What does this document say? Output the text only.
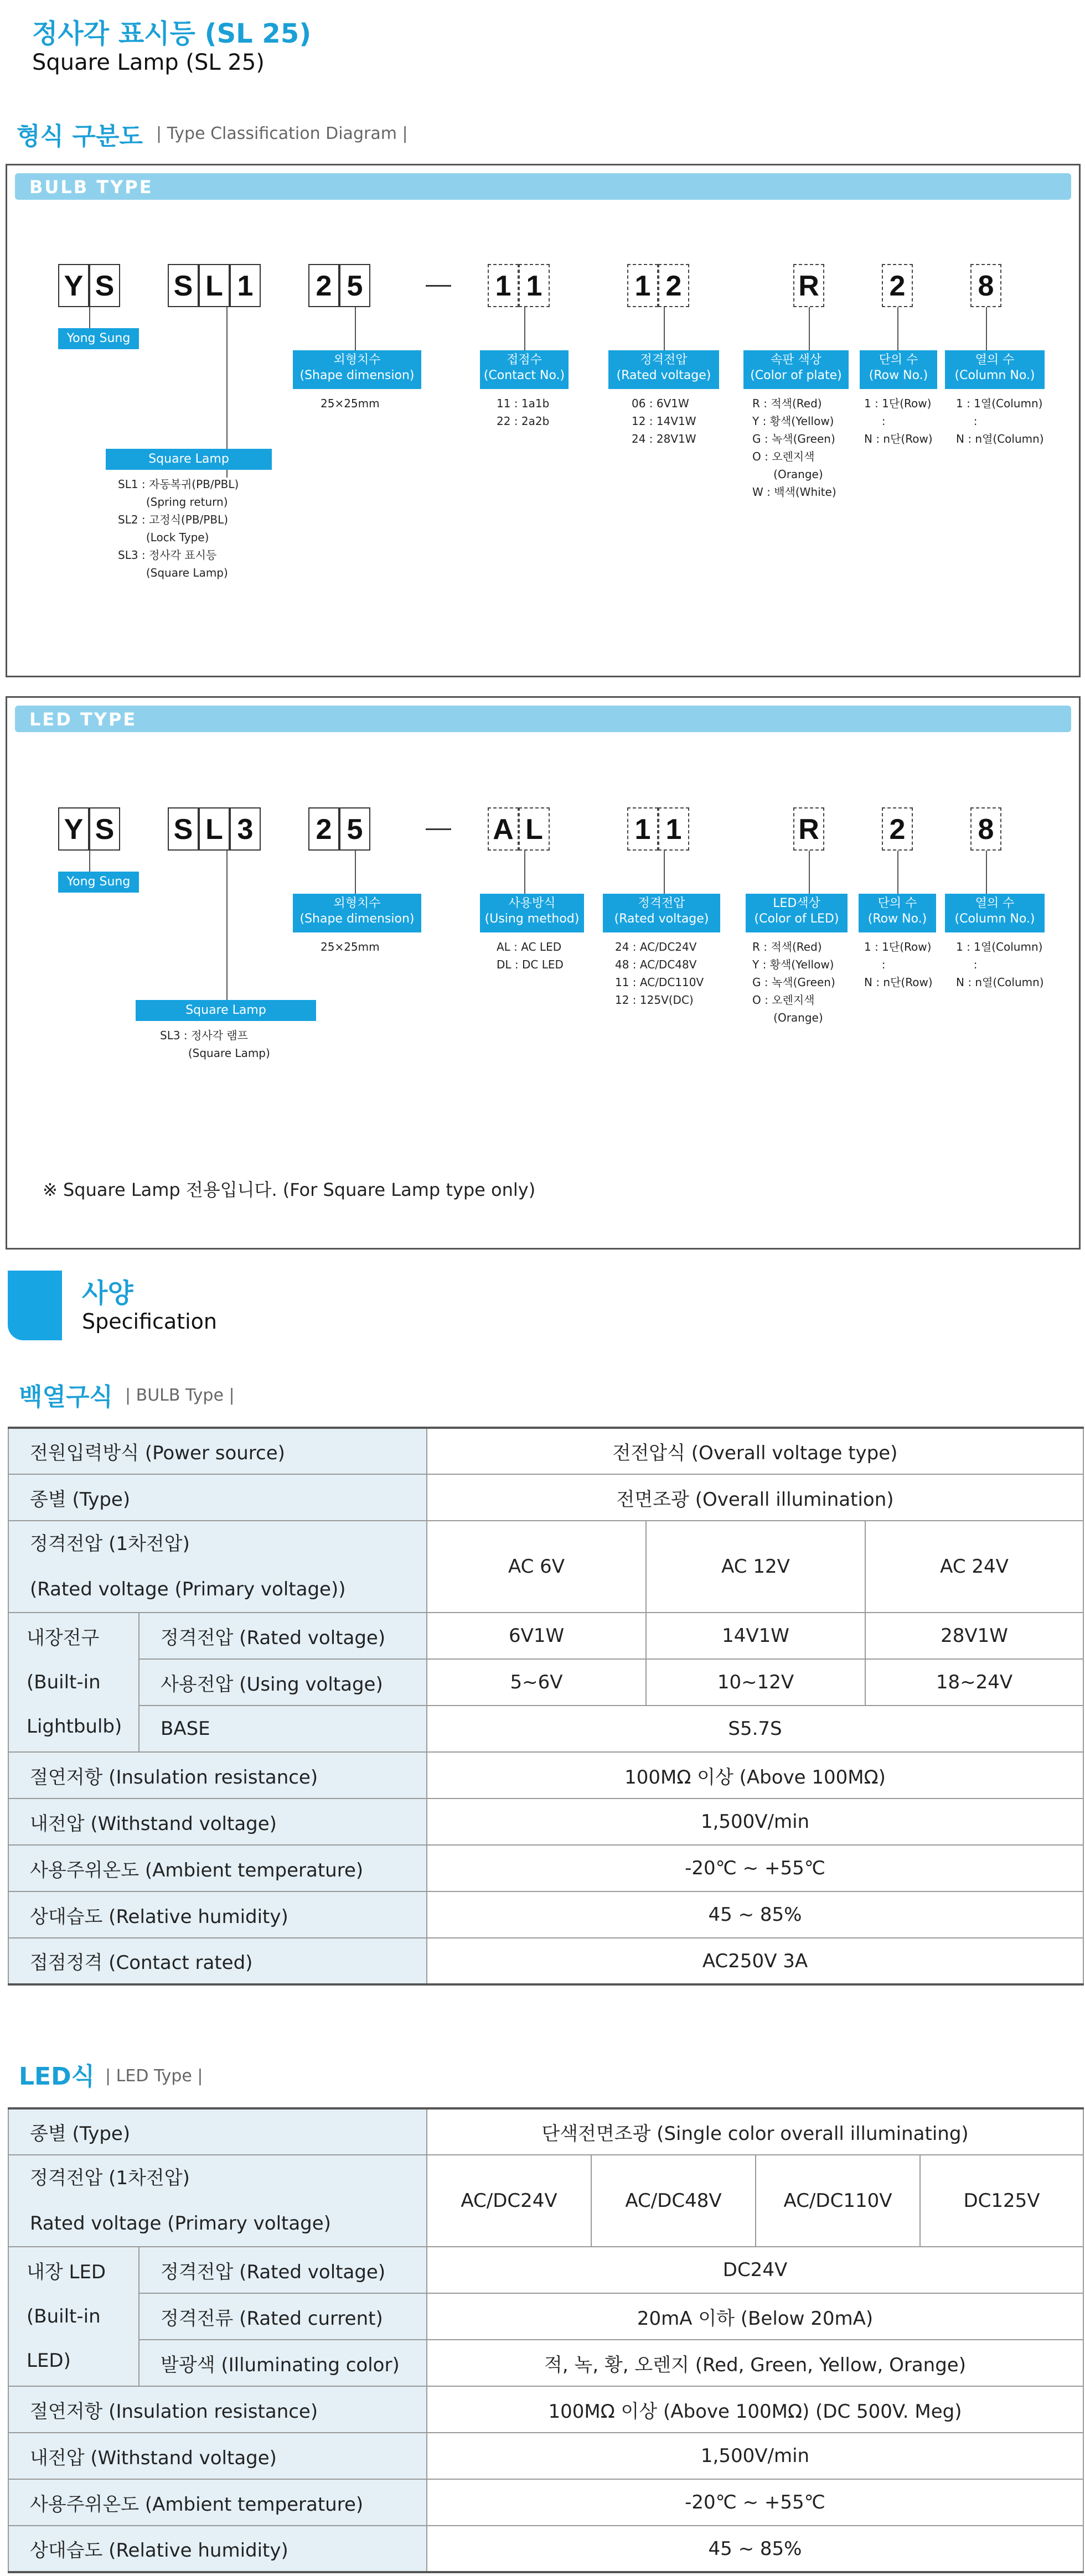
정사각 표시등 (SL 25)
Square Lamp (SL 25)
형식 구분도 | Type Classification Diagram |
BULB TYPE
Y S S L 1 2 5	1 1	1 2	R 2	8
Yong Sung
Square Lamp
외형치수
(Shape dimension)
접점수
(Contact No.)
정격전압
(Rated voltage)
속판 색상
(Color of plate)
단의 수
(Row No.)
열의 수
(Column No.)
SL1 : 자동복귀(PB/PBL)
(Spring return)
SL2 : 고정식(PB/PBL)
(Lock Type)
SL3 : 정사각 표시등
(Square Lamp)
25×25mm	11 : 1a1b
22 : 2a2b
06 : 6V1W
12 : 14V1W
24 : 28V1W
R : 적색(Red)
Y : 황색(Yellow)
G : 녹색(Green)
O : 오렌지색
(Orange)
W : 백색(White)
1 : 1단(Row)
:
N : n단(Row)
1 : 1열(Column)
:
N : n열(Column)
LED TYPE
Y S S L 3 2 5	A L	1 1	R 2	8
Yong Sung
Square Lamp
외형치수
(Shape dimension)
사용방식
(Using method)
정격전압
(Rated voltage)
LED색상
(Color of LED)
단의 수
(Row No.)
열의 수
(Column No.)
SL3 : 정사각 램프
(Square Lamp)
25×25mm	AL : AC LED
DL : DC LED
24 : AC/DC24V
48 : AC/DC48V
11 : AC/DC110V
12 : 125V(DC)
R : 적색(Red)
Y : 황색(Yellow)
G : 녹색(Green)
O : 오렌지색
(Orange)
1 : 1단(Row)
:
N : n단(Row)
1 : 1열(Column)
:
N : n열(Column)
※ Square Lamp 전용입니다. (For Square Lamp type only)
사양
Specification
백열구식 | BULB Type |
전원입력방식 (Power source)		전전압식 (Overall voltage type)		
종별 (Type)		전면조광 (Overall illumination)		

정격전압 (1차전압)
(Rated voltage (Primary voltage))		AC 6V	AC 12V	AC 24V

내장전구
(Built-in
Lightbulb)	정격전압 (Rated voltage)	6V1W	14V1W	28V1W
	사용전압 (Using voltage)	5~6V	10~12V	18~24V
	BASE	S5.7S		
절연저항 (Insulation resistance)		100MΩ 이상 (Above 100MΩ)		
내전압 (Withstand voltage)		1,500V/min		
사용주위온도 (Ambient temperature)		-20℃ ~ +55℃		
상대습도 (Relative humidity)		45 ~ 85%		
접점정격 (Contact rated)		AC250V 3A		
LED식 | LED Type |
종별 (Type)		단색전면조광 (Single color overall illuminating)			

정격전압 (1차전압)
Rated voltage (Primary voltage)		AC/DC24V	AC/DC48V	AC/DC110V	DC125V

내장 LED
(Built-in
LED)	정격전압 (Rated voltage)	DC24V			
	정격전류 (Rated current)	20mA 이하 (Below 20mA)			
	발광색 (Illuminating color)	적, 녹, 황, 오렌지 (Red, Green, Yellow, Orange)			
절연저항 (Insulation resistance)		100MΩ 이상 (Above 100MΩ) (DC 500V. Meg)			
내전압 (Withstand voltage)		1,500V/min			
사용주위온도 (Ambient temperature)		-20℃ ~ +55℃			
상대습도 (Relative humidity)		45 ~ 85%			
